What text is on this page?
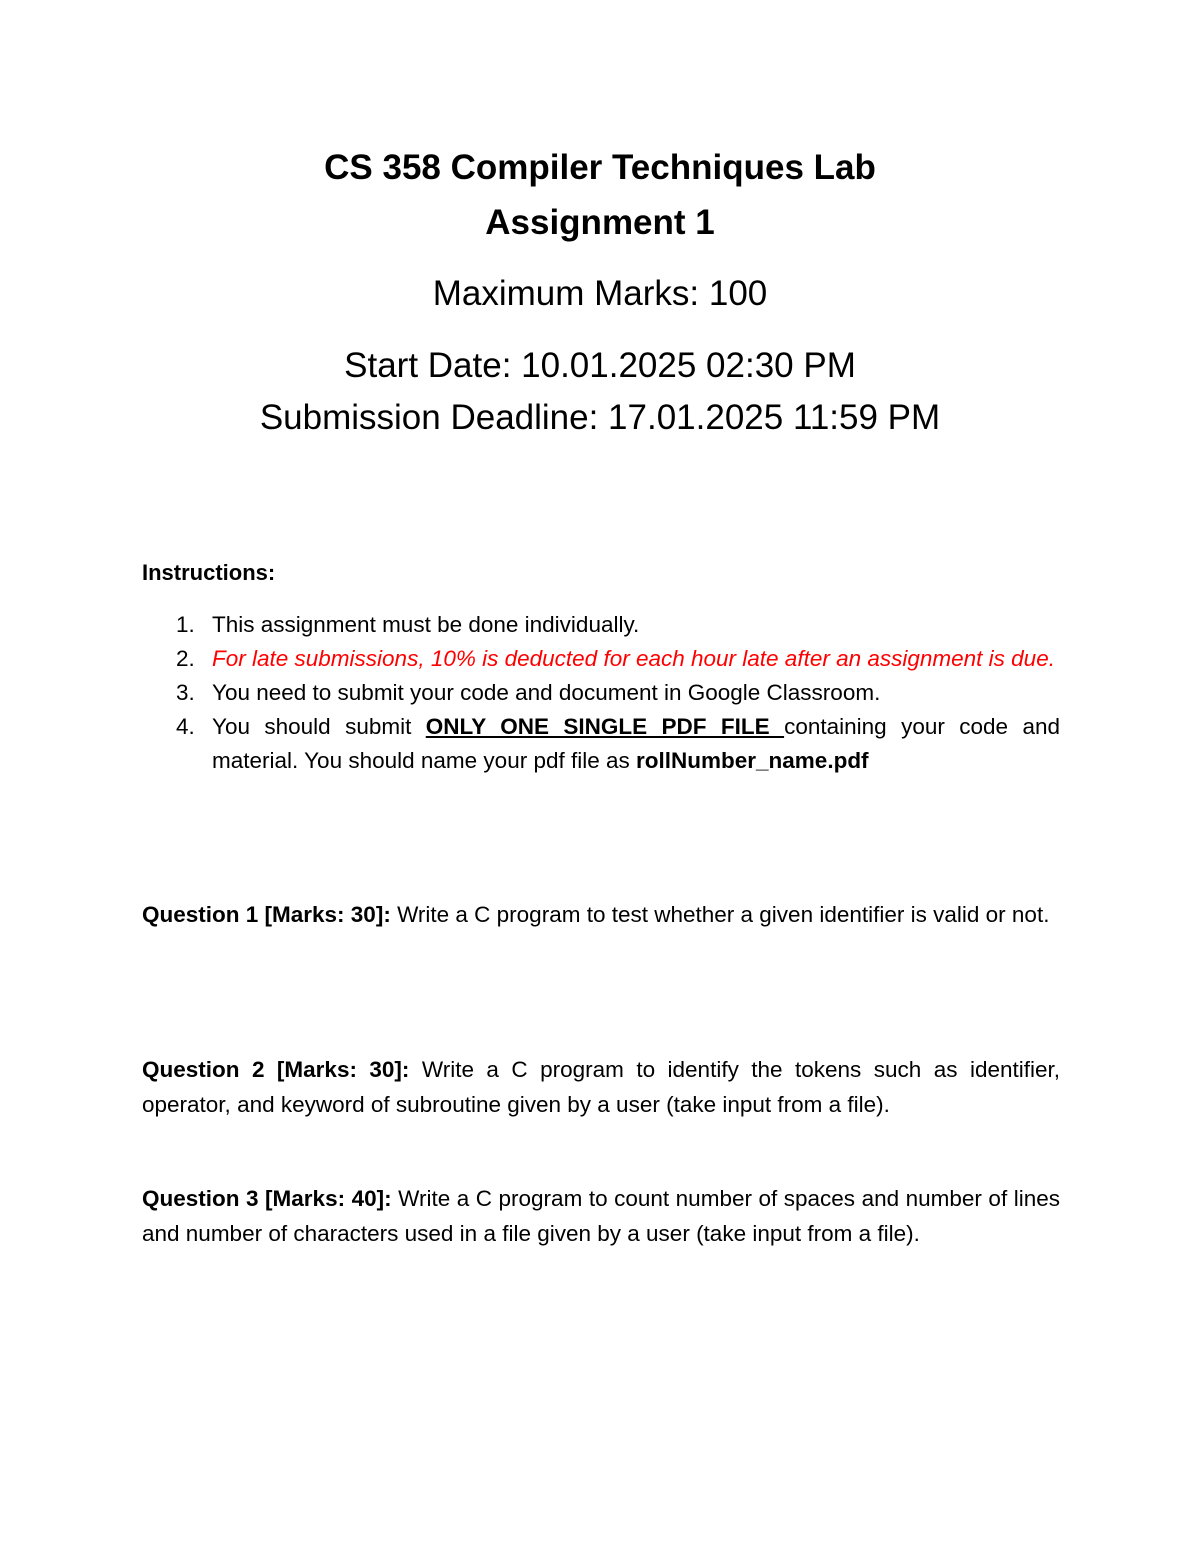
CS 358 Compiler Techniques Lab
Assignment 1
Maximum Marks: 100
Start Date: 10.01.2025 02:30 PM
Submission Deadline: 17.01.2025 11:59 PM
Instructions:
1. This assignment must be done individually.
2. For late submissions, 10% is deducted for each hour late after an assignment is due.
3. You need to submit your code and document in Google Classroom.
4. You should submit ONLY ONE SINGLE PDF FILE containing your code and material. You should name your pdf file as rollNumber_name.pdf
Question 1 [Marks: 30]: Write a C program to test whether a given identifier is valid or not.
Question 2 [Marks: 30]: Write a C program to identify the tokens such as identifier, operator, and keyword of subroutine given by a user (take input from a file).
Question 3 [Marks: 40]: Write a C program to count number of spaces and number of lines and number of characters used in a file given by a user (take input from a file).
